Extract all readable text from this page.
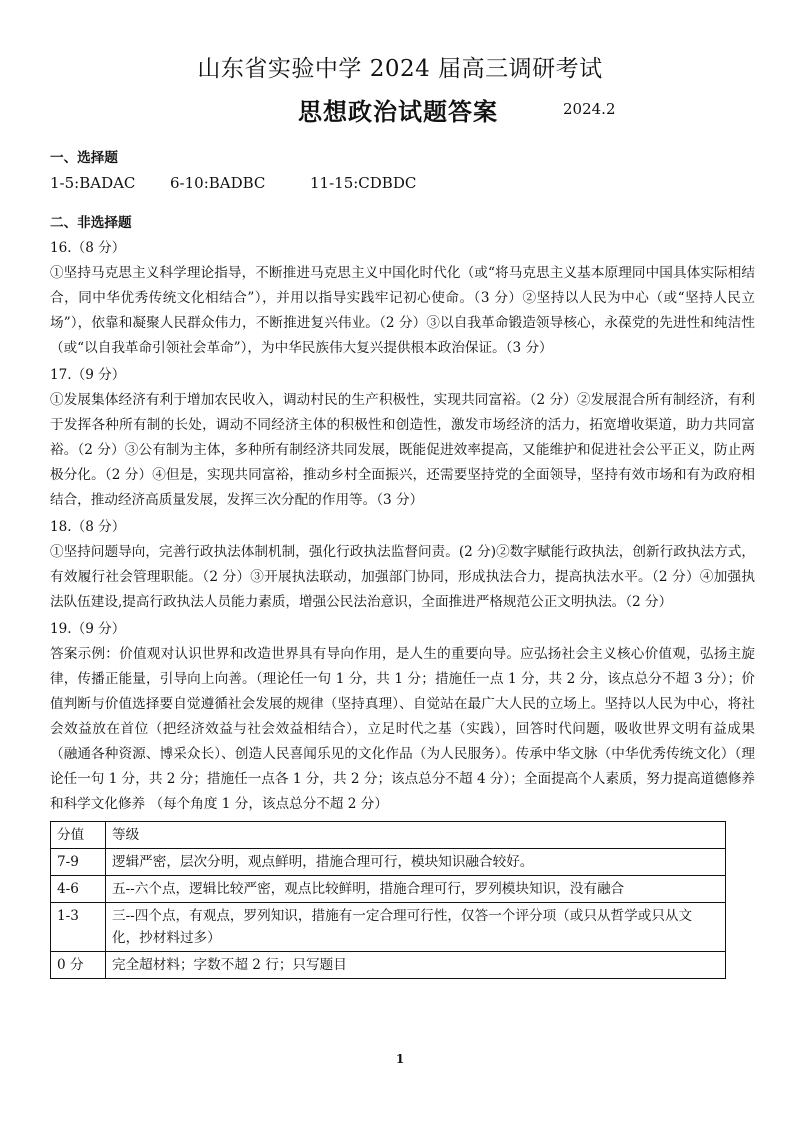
山东省实验中学 2024 届高三调研考试
思想政治试题答案	2024.2
一、选择题
1-5:BADAC 6-10:BADBC	11-15:CDBDC
二、非选择题
16.（8 分）
①坚持马克思主义科学理论指导，不断推进马克思主义中国化时代化（或“将马克思主义基本原理同中国具体实际相结合，同中华优秀传统文化相结合”），并用以指导实践牢记初心使命。（3 分）②坚持以人民为中心（或“坚持人民立场”），依靠和凝聚人民群众伟力，不断推进复兴伟业。（2 分）③以自我革命锻造领导核心，永葆党的先进性和纯洁性（或“以自我革命引领社会革命”），为中华民族伟大复兴提供根本政治保证。（3 分）
17.（9 分）
①发展集体经济有利于增加农民收入，调动村民的生产积极性，实现共同富裕。（2 分）②发展混合所有制经济，有利于发挥各种所有制的长处，调动不同经济主体的积极性和创造性，激发市场经济的活力，拓宽增收渠道，助力共同富裕。（2 分）③公有制为主体，多种所有制经济共同发展，既能促进效率提高，又能维护和促进社会公平正义，防止两极分化。（2 分）④但是，实现共同富裕，推动乡村全面振兴，还需要坚持党的全面领导，坚持有效市场和有为政府相结合，推动经济高质量发展，发挥三次分配的作用等。（3 分）
18.（8 分）
①坚持问题导向，完善行政执法体制机制，强化行政执法监督问责。(2 分)②数字赋能行政执法，创新行政执法方式，有效履行社会管理职能。（2 分）③开展执法联动，加强部门协同，形成执法合力，提高执法水平。（2 分）④加强执法队伍建设,提高行政执法人员能力素质，增强公民法治意识，全面推进严格规范公正文明执法。（2 分）
19.（9 分）
答案示例：价值观对认识世界和改造世界具有导向作用，是人生的重要向导。应弘扬社会主义核心价值观，弘扬主旋律，传播正能量，引导向上向善。（理论任一句 1 分，共 1 分；措施任一点 1 分，共 2 分，该点总分不超 3 分）；价值判断与价值选择要自觉遵循社会发展的规律（坚持真理）、自觉站在最广大人民的立场上。坚持以人民为中心，将社会效益放在首位（把经济效益与社会效益相结合），立足时代之基（实践），回答时代问题，吸收世界文明有益成果（融通各种资源、博采众长）、创造人民喜闻乐见的文化作品（为人民服务）。传承中华文脉（中华优秀传统文化）（理论任一句 1 分，共 2 分；措施任一点各 1 分，共 2 分；该点总分不超 4 分）；全面提高个人素质，努力提高道德修养和科学文化修养 （每个角度 1 分，该点总分不超 2 分）
分值	等级
7-9	逻辑严密，层次分明，观点鲜明，措施合理可行，模块知识融合较好。
4-6	五--六个点，逻辑比较严密，观点比较鲜明，措施合理可行，罗列模块知识，没有融合
1-3	三--四个点，有观点，罗列知识，措施有一定合理可行性，仅答一个评分项（或只从哲学或只从文化，抄材料过多）
0 分	完全超材料；字数不超 2 行；只写题目
1
